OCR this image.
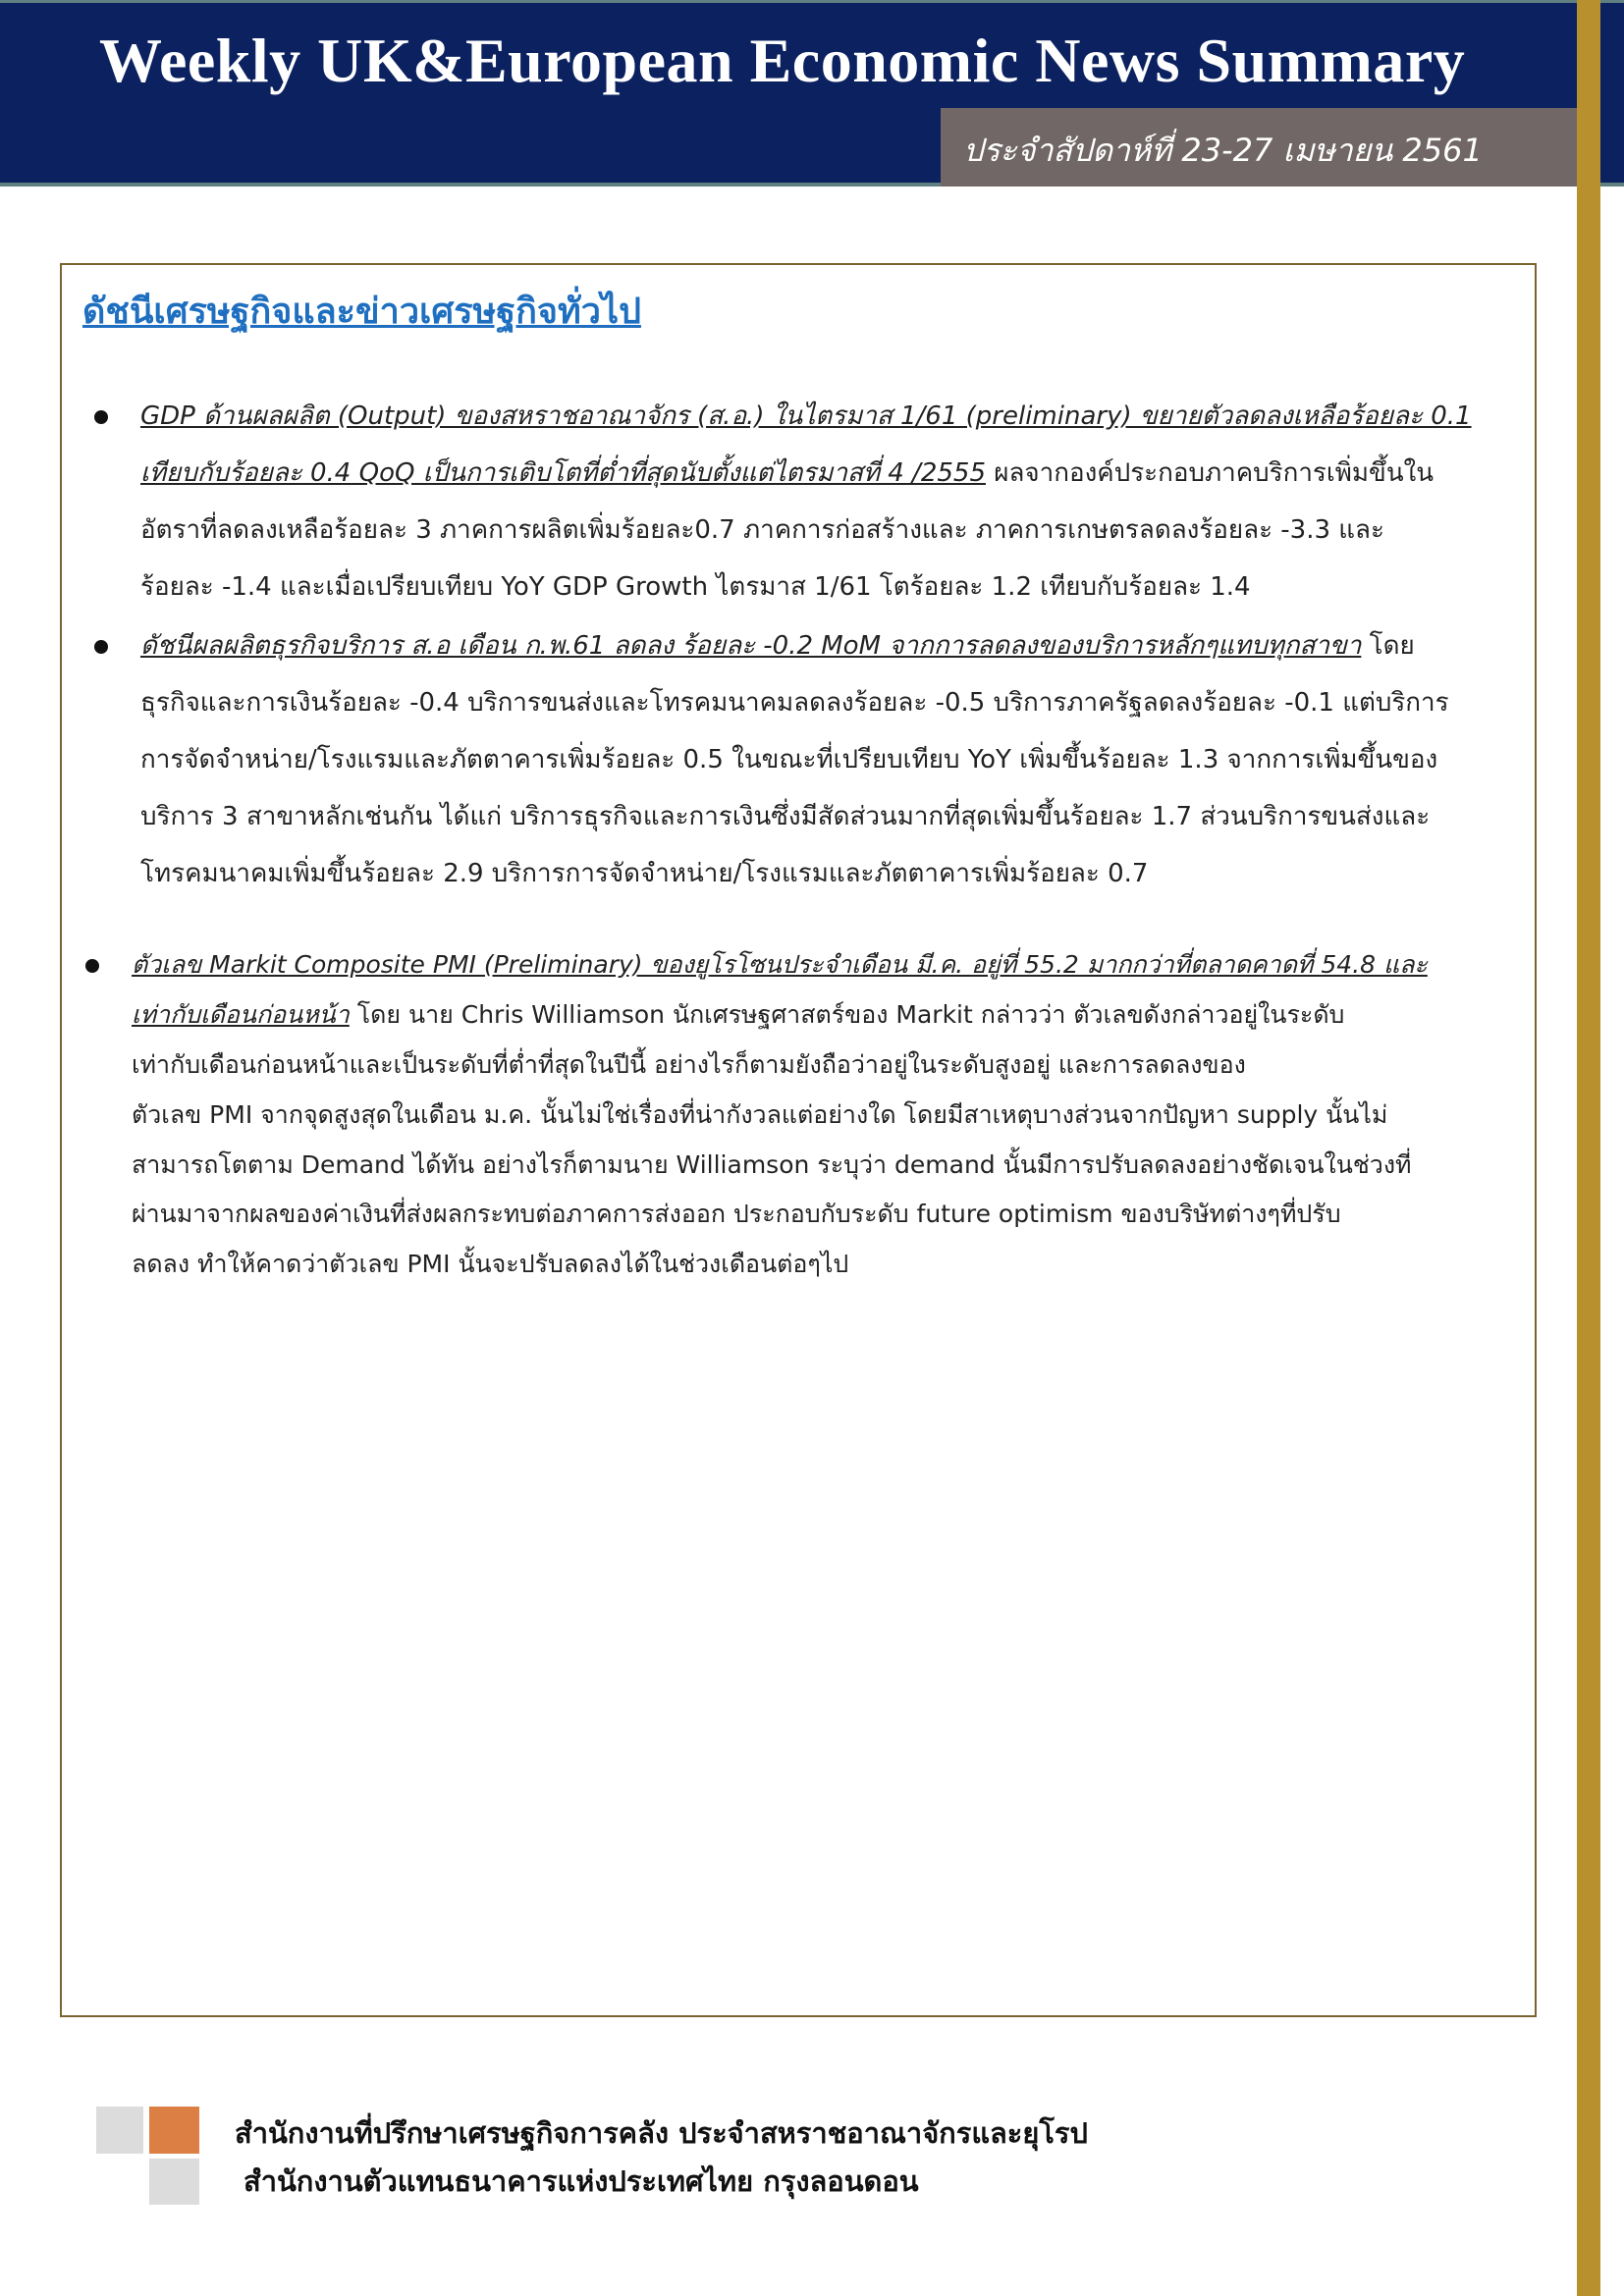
Weekly UK&European Economic News Summary
ประจำสัปดาห์ที่ 23-27 เมษายน 2561
ดัชนีเศรษฐกิจและข่าวเศรษฐกิจทั่วไป
GDP ด้านผลผลิต (Output) ของสหราชอาณาจักร (ส.อ.) ในไตรมาส 1/61 (preliminary) ขยายตัวลดลงเหลือร้อยละ 0.1
เทียบกับร้อยละ 0.4 QoQ เป็นการเติบโตที่ต่ำที่สุดนับตั้งแต่ไตรมาสที่ 4 /2555 ผลจากองค์ประกอบภาคบริการเพิ่มขึ้นใน
อัตราที่ลดลงเหลือร้อยละ 3 ภาคการผลิตเพิ่มร้อยละ0.7 ภาคการก่อสร้างและ ภาคการเกษตรลดลงร้อยละ -3.3 และ
ร้อยละ -1.4 และเมื่อเปรียบเทียบ YoY GDP Growth ไตรมาส 1/61 โตร้อยละ 1.2 เทียบกับร้อยละ 1.4
ดัชนีผลผลิตธุรกิจบริการ ส.อ เดือน ก.พ.61 ลดลง ร้อยละ -0.2 MoM จากการลดลงของบริการหลักๆแทบทุกสาขา โดย
ธุรกิจและการเงินร้อยละ -0.4 บริการขนส่งและโทรคมนาคมลดลงร้อยละ -0.5 บริการภาครัฐลดลงร้อยละ -0.1 แต่บริการ
การจัดจำหน่าย/โรงแรมและภัตตาคารเพิ่มร้อยละ 0.5 ในขณะที่เปรียบเทียบ YoY เพิ่มขึ้นร้อยละ 1.3 จากการเพิ่มขึ้นของ
บริการ 3 สาขาหลักเช่นกัน ได้แก่ บริการธุรกิจและการเงินซึ่งมีสัดส่วนมากที่สุดเพิ่มขึ้นร้อยละ 1.7 ส่วนบริการขนส่งและ
โทรคมนาคมเพิ่มขึ้นร้อยละ 2.9 บริการการจัดจำหน่าย/โรงแรมและภัตตาคารเพิ่มร้อยละ 0.7
ตัวเลข Markit Composite PMI (Preliminary) ของยูโรโซนประจำเดือน มี.ค. อยู่ที่ 55.2 มากกว่าที่ตลาดคาดที่ 54.8 และ
เท่ากับเดือนก่อนหน้า โดย นาย Chris Williamson นักเศรษฐศาสตร์ของ Markit กล่าวว่า ตัวเลขดังกล่าวอยู่ในระดับ
เท่ากับเดือนก่อนหน้าและเป็นระดับที่ต่ำที่สุดในปีนี้ อย่างไรก็ตามยังถือว่าอยู่ในระดับสูงอยู่ และการลดลงของ
ตัวเลข PMI จากจุดสูงสุดในเดือน ม.ค. นั้นไม่ใช่เรื่องที่น่ากังวลแต่อย่างใด โดยมีสาเหตุบางส่วนจากปัญหา supply นั้นไม่
สามารถโตตาม Demand ได้ทัน อย่างไรก็ตามนาย Williamson ระบุว่า demand นั้นมีการปรับลดลงอย่างชัดเจนในช่วงที่
ผ่านมาจากผลของค่าเงินที่ส่งผลกระทบต่อภาคการส่งออก ประกอบกับระดับ future optimism ของบริษัทต่างๆที่ปรับ
ลดลง ทำให้คาดว่าตัวเลข PMI นั้นจะปรับลดลงได้ในช่วงเดือนต่อๆไป
สำนักงานที่ปรึกษาเศรษฐกิจการคลัง ประจำสหราชอาณาจักรและยุโรป
สำนักงานตัวแทนธนาคารแห่งประเทศไทย กรุงลอนดอน
